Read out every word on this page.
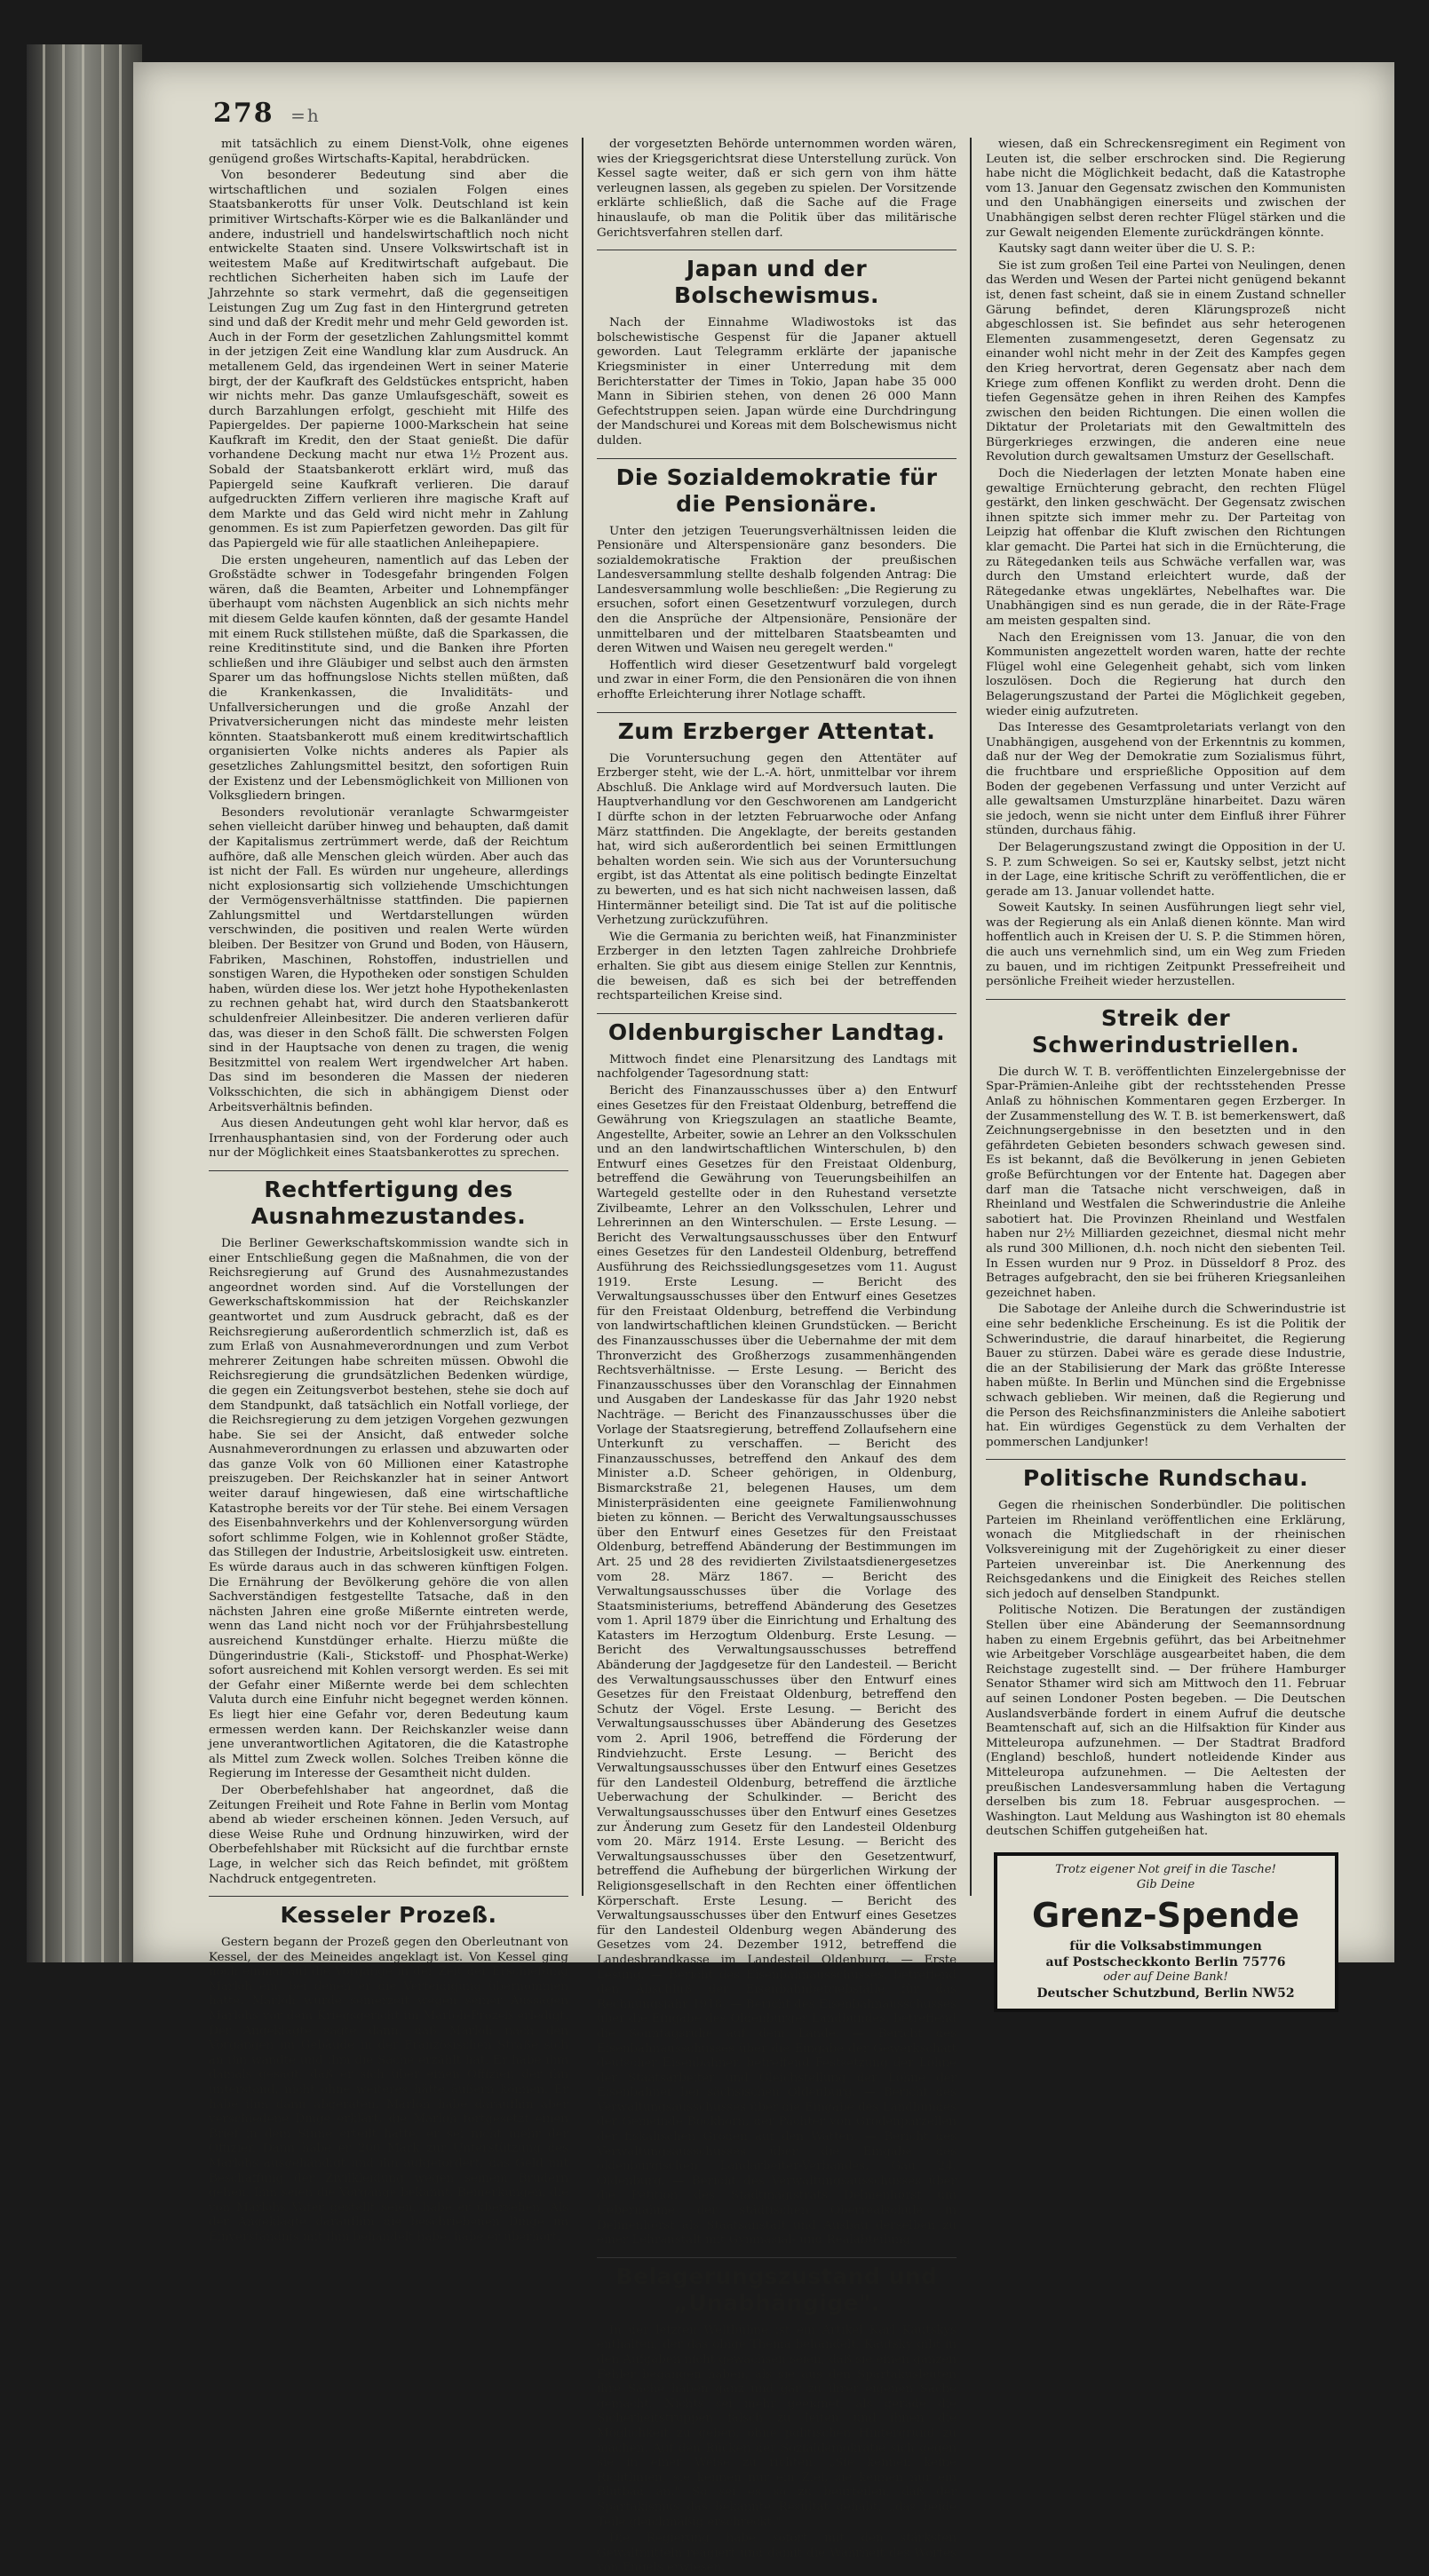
278 =h

mit tatsächlich zu einem Dienst-Volk, ohne eigenes genügend großes Wirtschafts-Kapital, herabdrücken.

Von besonderer Bedeutung sind aber die wirtschaftlichen und sozialen Folgen eines Staatsbankerotts für unser Volk. Deutschland ist kein primitiver Wirtschafts-Körper wie es die Balkanländer und andere, industriell und handelswirtschaftlich noch nicht entwickelte Staaten sind. Unsere Volkswirtschaft ist in weitestem Maße auf Kreditwirtschaft aufgebaut. Die rechtlichen Sicherheiten haben sich im Laufe der Jahrzehnte so stark vermehrt, daß die gegenseitigen Leistungen Zug um Zug fast in den Hintergrund getreten sind und daß der Kredit mehr und mehr Geld geworden ist. Auch in der Form der gesetzlichen Zahlungsmittel kommt in der jetzigen Zeit eine Wandlung klar zum Ausdruck. An metallenem Geld, das irgendeinen Wert in seiner Materie birgt, der der Kaufkraft des Geldstückes entspricht, haben wir nichts mehr. Das ganze Umlaufsgeschäft, soweit es durch Barzahlungen erfolgt, geschieht mit Hilfe des Papiergeldes. Der papierne 1000-Markschein hat seine Kaufkraft im Kredit, den der Staat genießt. Die dafür vorhandene Deckung macht nur etwa 1½ Prozent aus. Sobald der Staatsbankerott erklärt wird, muß das Papiergeld seine Kaufkraft verlieren. Die darauf aufgedruckten Ziffern verlieren ihre magische Kraft auf dem Markte und das Geld wird nicht mehr in Zahlung genommen. Es ist zum Papierfetzen geworden. Das gilt für das Papiergeld wie für alle staatlichen Anleihepapiere.

Die ersten ungeheuren, namentlich auf das Leben der Großstädte schwer in Todesgefahr bringenden Folgen wären, daß die Beamten, Arbeiter und Lohnempfänger überhaupt vom nächsten Augenblick an sich nichts mehr mit diesem Gelde kaufen könnten, daß der gesamte Handel mit einem Ruck stillstehen müßte, daß die Sparkassen, die reine Kreditinstitute sind, und die Banken ihre Pforten schließen und ihre Gläubiger und selbst auch den ärmsten Sparer um das hoffnungslose Nichts stellen müßten, daß die Krankenkassen, die Invaliditäts- und Unfallversicherungen und die große Anzahl der Privatversicherungen nicht das mindeste mehr leisten könnten. Staatsbankerott muß einem kreditwirtschaftlich organisierten Volke nichts anderes als Papier als gesetzliches Zahlungsmittel besitzt, den sofortigen Ruin der Existenz und der Lebensmöglichkeit von Millionen von Volksgliedern bringen.

Besonders revolutionär veranlagte Schwarmgeister sehen vielleicht darüber hinweg und behaupten, daß damit der Kapitalismus zertrümmert werde, daß der Reichtum aufhöre, daß alle Menschen gleich würden. Aber auch das ist nicht der Fall. Es würden nur ungeheure, allerdings nicht explosionsartig sich vollziehende Umschichtungen der Vermögensverhältnisse stattfinden. Die papiernen Zahlungsmittel und Wertdarstellungen würden verschwinden, die positiven und realen Werte würden bleiben. Der Besitzer von Grund und Boden, von Häusern, Fabriken, Maschinen, Rohstoffen, industriellen und sonstigen Waren, die Hypotheken oder sonstigen Schulden haben, würden diese los. Wer jetzt hohe Hypothekenlasten zu rechnen gehabt hat, wird durch den Staatsbankerott schuldenfreier Alleinbesitzer. Die anderen verlieren dafür das, was dieser in den Schoß fällt. Die schwersten Folgen sind in der Hauptsache von denen zu tragen, die wenig Besitzmittel von realem Wert irgendwelcher Art haben. Das sind im besonderen die Massen der niederen Volksschichten, die sich in abhängigem Dienst oder Arbeitsverhältnis befinden.

Aus diesen Andeutungen geht wohl klar hervor, daß es Irrenhausphantasien sind, von der Forderung oder auch nur der Möglichkeit eines Staatsbankerottes zu sprechen.

Rechtfertigung des Ausnahmezustandes.

Die Berliner Gewerkschaftskommission wandte sich in einer Entschließung gegen die Maßnahmen, die von der Reichsregierung auf Grund des Ausnahmezustandes angeordnet worden sind. Auf die Vorstellungen der Gewerkschaftskommission hat der Reichskanzler geantwortet und zum Ausdruck gebracht, daß es der Reichsregierung außerordentlich schmerzlich ist, daß es zum Erlaß von Ausnahmeverordnungen und zum Verbot mehrerer Zeitungen habe schreiten müssen. Obwohl die Reichsregierung die grundsätzlichen Bedenken würdige, die gegen ein Zeitungsverbot bestehen, stehe sie doch auf dem Standpunkt, daß tatsächlich ein Notfall vorliege, der die Reichsregierung zu dem jetzigen Vorgehen gezwungen habe. Sie sei der Ansicht, daß entweder solche Ausnahmeverordnungen zu erlassen und abzuwarten oder das ganze Volk von 60 Millionen einer Katastrophe preiszugeben. Der Reichskanzler hat in seiner Antwort weiter darauf hingewiesen, daß eine wirtschaftliche Katastrophe bereits vor der Tür stehe. Bei einem Versagen des Eisenbahnverkehrs und der Kohlenversorgung würden sofort schlimme Folgen, wie in Kohlennot großer Städte, das Stillegen der Industrie, Arbeitslosigkeit usw. eintreten. Es würde daraus auch in das schweren künftigen Folgen. Die Ernährung der Bevölkerung gehöre die von allen Sachverständigen festgestellte Tatsache, daß in den nächsten Jahren eine große Mißernte eintreten werde, wenn das Land nicht noch vor der Frühjahrsbestellung ausreichend Kunstdünger erhalte. Hierzu müßte die Düngerindustrie (Kali-, Stickstoff- und Phosphat-Werke) sofort ausreichend mit Kohlen versorgt werden. Es sei mit der Gefahr einer Mißernte werde bei dem schlechten Valuta durch eine Einfuhr nicht begegnet werden können. Es liegt hier eine Gefahr vor, deren Bedeutung kaum ermessen werden kann. Der Reichskanzler weise dann jene unverantwortlichen Agitatoren, die die Katastrophe als Mittel zum Zweck wollen. Solches Treiben könne die Regierung im Interesse der Gesamtheit nicht dulden.

Der Oberbefehlshaber hat angeordnet, daß die Zeitungen Freiheit und Rote Fahne in Berlin vom Montag abend ab wieder erscheinen können. Jeden Versuch, auf diese Weise Ruhe und Ordnung hinzuwirken, wird der Oberbefehlshaber mit Rücksicht auf die furchtbar ernste Lage, in welcher sich das Reich befindet, mit größtem Nachdruck entgegentreten.

Kesseler Prozeß.

Gestern begann der Prozeß gegen den Oberleutnant von Kessel, der des Meineides angeklagt ist. Von Kessel ging noch einmal auf die Vorgänge in der Zeit der Erschießung Marloh ein, bei denen er die Verteidigung übernommen hatte. Marloh wurde seinerzeit wegen seiner Aussagen Marlohs vor dem Kriegsgericht im Marloh-Prozeß erledigt. Der Angeklagte sagte dann, daß Marloh nach den Vorgängen im Gebäude in der Französischen Straße sich an ihn wandte und ihm die Sache erzählt hat. Er habe ihm damals gesagt, daß er sich über einen Offizier, der ihn unterstand, nicht ohne weiteres hätte äußern können. Er habe ihm dann abgeraten. Marloh habe daraufhin aber verschiedene Dinge erklärt, die Marloh fortgesetzt einen Brief in dem Sinne erteilt hatte, er sei nicht mehr der Offizier. Dann habe er 200 Mark zur Unterstützung des Marlohs ausgehändigt und ihn aufgefordert, das Geld mit Beschaffung der Zivilkleidung wegen seinem Brudern gehen. Ihm seien die Vorgänge bekannt. Bemerkungen, die von Marlohs Vater gestellt seien, habe er übersehen. Als der Angeklagte daraufhin die beschriebenen Dinge im Einverständnis mit ihm behandelt habe, habe er überhört.

der vorgesetzten Behörde unternommen worden wären, wies der Kriegsgerichtsrat diese Unterstellung zurück. Von Kessel sagte weiter, daß er sich gern von ihm hätte verleugnen lassen, als gegeben zu spielen. Der Vorsitzende erklärte schließlich, daß die Sache auf die Frage hinauslaufe, ob man die Politik über das militärische Gerichtsverfahren stellen darf.

Japan und der Bolschewismus.

Nach der Einnahme Wladiwostoks ist das bolschewistische Gespenst für die Japaner aktuell geworden. Laut Telegramm erklärte der japanische Kriegsminister in einer Unterredung mit dem Berichterstatter der Times in Tokio, Japan habe 35 000 Mann in Sibirien stehen, von denen 26 000 Mann Gefechtstruppen seien. Japan würde eine Durchdringung der Mandschurei und Koreas mit dem Bolschewismus nicht dulden.

Die Sozialdemokratie für die Pensionäre.

Unter den jetzigen Teuerungsverhältnissen leiden die Pensionäre und Alterspensionäre ganz besonders. Die sozialdemokratische Fraktion der preußischen Landesversammlung stellte deshalb folgenden Antrag: Die Landesversammlung wolle beschließen: „Die Regierung zu ersuchen, sofort einen Gesetzentwurf vorzulegen, durch den die Ansprüche der Altpensionäre, Pensionäre der unmittelbaren und der mittelbaren Staatsbeamten und deren Witwen und Waisen neu geregelt werden."

Hoffentlich wird dieser Gesetzentwurf bald vorgelegt und zwar in einer Form, die den Pensionären die von ihnen erhoffte Erleichterung ihrer Notlage schafft.

Zum Erzberger Attentat.

Die Voruntersuchung gegen den Attentäter auf Erzberger steht, wie der L.-A. hört, unmittelbar vor ihrem Abschluß. Die Anklage wird auf Mordversuch lauten. Die Hauptverhandlung vor den Geschworenen am Landgericht I dürfte schon in der letzten Februarwoche oder Anfang März stattfinden. Die Angeklagte, der bereits gestanden hat, wird sich außerordentlich bei seinen Ermittlungen behalten worden sein. Wie sich aus der Voruntersuchung ergibt, ist das Attentat als eine politisch bedingte Einzeltat zu bewerten, und es hat sich nicht nachweisen lassen, daß Hintermänner beteiligt sind. Die Tat ist auf die politische Verhetzung zurückzuführen.

Wie die Germania zu berichten weiß, hat Finanzminister Erzberger in den letzten Tagen zahlreiche Drohbriefe erhalten. Sie gibt aus diesem einige Stellen zur Kenntnis, die beweisen, daß es sich bei der betreffenden rechtsparteilichen Kreise sind.

Oldenburgischer Landtag.

Mittwoch findet eine Plenarsitzung des Landtags mit nachfolgender Tagesordnung statt:

Bericht des Finanzausschusses über a) den Entwurf eines Gesetzes für den Freistaat Oldenburg, betreffend die Gewährung von Kriegszulagen an staatliche Beamte, Angestellte, Arbeiter, sowie an Lehrer an den Volksschulen und an den landwirtschaftlichen Winterschulen, b) den Entwurf eines Gesetzes für den Freistaat Oldenburg, betreffend die Gewährung von Teuerungsbeihilfen an Wartegeld gestellte oder in den Ruhestand versetzte Zivilbeamte, Lehrer an den Volksschulen, Lehrer und Lehrerinnen an den Winterschulen. — Erste Lesung. — Bericht des Verwaltungsausschusses über den Entwurf eines Gesetzes für den Landesteil Oldenburg, betreffend Ausführung des Reichssiedlungsgesetzes vom 11. August 1919. Erste Lesung. — Bericht des Verwaltungsausschusses über den Entwurf eines Gesetzes für den Freistaat Oldenburg, betreffend die Verbindung von landwirtschaftlichen kleinen Grundstücken. — Bericht des Finanzausschusses über die Uebernahme der mit dem Thronverzicht des Großherzogs zusammenhängenden Rechtsverhältnisse. — Erste Lesung. — Bericht des Finanzausschusses über den Voranschlag der Einnahmen und Ausgaben der Landeskasse für das Jahr 1920 nebst Nachträge. — Bericht des Finanzausschusses über die Vorlage der Staatsregierung, betreffend Zollaufsehern eine Unterkunft zu verschaffen. — Bericht des Finanzausschusses, betreffend den Ankauf des dem Minister a.D. Scheer gehörigen, in Oldenburg, Bismarckstraße 21, belegenen Hauses, um dem Ministerpräsidenten eine geeignete Familienwohnung bieten zu können. — Bericht des Verwaltungsausschusses über den Entwurf eines Gesetzes für den Freistaat Oldenburg, betreffend Abänderung der Bestimmungen im Art. 25 und 28 des revidierten Zivilstaatsdienergesetzes vom 28. März 1867. — Bericht des Verwaltungsausschusses über die Vorlage des Staatsministeriums, betreffend Abänderung des Gesetzes vom 1. April 1879 über die Einrichtung und Erhaltung des Katasters im Herzogtum Oldenburg. Erste Lesung. — Bericht des Verwaltungsausschusses betreffend Abänderung der Jagdgesetze für den Landesteil. — Bericht des Verwaltungsausschusses über den Entwurf eines Gesetzes für den Freistaat Oldenburg, betreffend den Schutz der Vögel. Erste Lesung. — Bericht des Verwaltungsausschusses über Abänderung des Gesetzes vom 2. April 1906, betreffend die Förderung der Rindviehzucht. Erste Lesung. — Bericht des Verwaltungsausschusses über den Entwurf eines Gesetzes für den Landesteil Oldenburg, betreffend die ärztliche Ueberwachung der Schulkinder. — Bericht des Verwaltungsausschusses über den Entwurf eines Gesetzes zur Änderung zum Gesetz für den Landesteil Oldenburg vom 20. März 1914. Erste Lesung. — Bericht des Verwaltungsausschusses über den Gesetzentwurf, betreffend die Aufhebung der bürgerlichen Wirkung der Religionsgesellschaft in den Rechten einer öffentlichen Körperschaft. Erste Lesung. — Bericht des Verwaltungsausschusses über den Entwurf eines Gesetzes für den Landesteil Oldenburg wegen Abänderung des Gesetzes vom 24. Dezember 1912, betreffend die Landesbrandkasse im Landesteil Oldenburg. — Erste Lesung. — Bericht des Eisenbahnausschusses, betreffend den Abschluß der Eisenbahnbetriebsfälle für das Rechnungsjahr 1918. — Bericht des Eisenbahnausschusses über die Eingabe des Oldenburger Landbundes, betreffend die Sonntagsruhe auf dem Lande. — Bericht des Eisenbahnausschusses über die Eingabe der Gewerkschaft deutscher Eisenbahner, betreffend Festsetzung der Löhne der Staatsarbeiter und Gleichstellung der Löhne der Eisenbahner bei sächsischen Oldenburg. — Bericht des Verwaltungsausschusses über die Eingabe des Landbundes der Gemeinde Bockhorn, der Pächter von Grodenparzellen der fiskalischen Groden auf den Watten. — Bericht des Verwaltungsausschusses über die Eingabe des oldenburgischen Landarbeiter-Verbandes, Gau 24, Oldenburg. — Bericht des Verwaltungsausschusses über die Petition des Stadtmagistrats Delmenhorst um Uebernahme der städtischen Oberrealschule in Delmenhorst als Staatsanstalt und Ausbau derselben zu einer Lehranstalt mit Gymnasial- und Realabteilung.

Belagerungszustand und „Unabhängige".

In der letzten Weltbühne ist ein Artikel Karl Kautskys enthalten, der das obige Thema behandelt. Kautsky gibt in den Aufgaben nicht gewachsen seien, daß sie einen ganzen Fehler begangen haben, als sie aus den Spartakusleuten ihre Sache haben ganz und gar zu ihrer eigenen Sache gemacht. Nichts sei mehr geeignet, als gerade die Sicherheitstruppen falsch zu leiten und ihnen die Möglichkeit zu geben, ohne politischen Hintergrund zu machen. Auf den Rücken der Sozialdemokratie sich gegen sie in einer Weise zu richten. „Sie kennen keine Richtlinien, sie kennen nur ein Ziel, sie kennen nur ein Blutbad an." So sei es so zu beurteilen, daß der Spartakismus das bekannte Resultat gehabt, „das beide Teile gleichmäßig erschreckt."

Die Regierung habe sofort mit den stärksten Gewaltmitteln reagiert und damit die Wahrheit des Wortes von Engels erwiesen,

wiesen, daß ein Schreckensregiment ein Regiment von Leuten ist, die selber erschrocken sind. Die Regierung habe nicht die Möglichkeit bedacht, daß die Katastrophe vom 13. Januar den Gegensatz zwischen den Kommunisten und den Unabhängigen einerseits und zwischen der Unabhängigen selbst deren rechter Flügel stärken und die zur Gewalt neigenden Elemente zurückdrängen könnte.

Kautsky sagt dann weiter über die U. S. P.:

Sie ist zum großen Teil eine Partei von Neulingen, denen das Werden und Wesen der Partei nicht genügend bekannt ist, denen fast scheint, daß sie in einem Zustand schneller Gärung befindet, deren Klärungsprozeß nicht abgeschlossen ist. Sie befindet aus sehr heterogenen Elementen zusammengesetzt, deren Gegensatz zu einander wohl nicht mehr in der Zeit des Kampfes gegen den Krieg hervortrat, deren Gegensatz aber nach dem Kriege zum offenen Konflikt zu werden droht. Denn die tiefen Gegensätze gehen in ihren Reihen des Kampfes zwischen den beiden Richtungen. Die einen wollen die Diktatur der Proletariats mit den Gewaltmitteln des Bürgerkrieges erzwingen, die anderen eine neue Revolution durch gewaltsamen Umsturz der Gesellschaft.

Doch die Niederlagen der letzten Monate haben eine gewaltige Ernüchterung gebracht, den rechten Flügel gestärkt, den linken geschwächt. Der Gegensatz zwischen ihnen spitzte sich immer mehr zu. Der Parteitag von Leipzig hat offenbar die Kluft zwischen den Richtungen klar gemacht. Die Partei hat sich in die Ernüchterung, die zu Rätegedanken teils aus Schwäche verfallen war, was durch den Umstand erleichtert wurde, daß der Rätegedanke etwas ungeklärtes, Nebelhaftes war. Die Unabhängigen sind es nun gerade, die in der Räte-Frage am meisten gespalten sind.

Nach den Ereignissen vom 13. Januar, die von den Kommunisten angezettelt worden waren, hatte der rechte Flügel wohl eine Gelegenheit gehabt, sich vom linken loszulösen. Doch die Regierung hat durch den Belagerungszustand der Partei die Möglichkeit gegeben, wieder einig aufzutreten.

Das Interesse des Gesamtproletariats verlangt von den Unabhängigen, ausgehend von der Erkenntnis zu kommen, daß nur der Weg der Demokratie zum Sozialismus führt, die fruchtbare und ersprießliche Opposition auf dem Boden der gegebenen Verfassung und unter Verzicht auf alle gewaltsamen Umsturzpläne hinarbeitet. Dazu wären sie jedoch, wenn sie nicht unter dem Einfluß ihrer Führer stünden, durchaus fähig.

Der Belagerungszustand zwingt die Opposition in der U. S. P. zum Schweigen. So sei er, Kautsky selbst, jetzt nicht in der Lage, eine kritische Schrift zu veröffentlichen, die er gerade am 13. Januar vollendet hatte.

Soweit Kautsky. In seinen Ausführungen liegt sehr viel, was der Regierung als ein Anlaß dienen könnte. Man wird hoffentlich auch in Kreisen der U. S. P. die Stimmen hören, die auch uns vernehmlich sind, um ein Weg zum Frieden zu bauen, und im richtigen Zeitpunkt Pressefreiheit und persönliche Freiheit wieder herzustellen.

Streik der Schwerindustriellen.

Die durch W. T. B. veröffentlichten Einzelergebnisse der Spar-Prämien-Anleihe gibt der rechtsstehenden Presse Anlaß zu höhnischen Kommentaren gegen Erzberger. In der Zusammenstellung des W. T. B. ist bemerkenswert, daß Zeichnungsergebnisse in den besetzten und in den gefährdeten Gebieten besonders schwach gewesen sind. Es ist bekannt, daß die Bevölkerung in jenen Gebieten große Befürchtungen vor der Entente hat. Dagegen aber darf man die Tatsache nicht verschweigen, daß in Rheinland und Westfalen die Schwerindustrie die Anleihe sabotiert hat. Die Provinzen Rheinland und Westfalen haben nur 2½ Milliarden gezeichnet, diesmal nicht mehr als rund 300 Millionen, d.h. noch nicht den siebenten Teil. In Essen wurden nur 9 Proz. in Düsseldorf 8 Proz. des Betrages aufgebracht, den sie bei früheren Kriegsanleihen gezeichnet haben.

Die Sabotage der Anleihe durch die Schwerindustrie ist eine sehr bedenkliche Erscheinung. Es ist die Politik der Schwerindustrie, die darauf hinarbeitet, die Regierung Bauer zu stürzen. Dabei wäre es gerade diese Industrie, die an der Stabilisierung der Mark das größte Interesse haben müßte. In Berlin und München sind die Ergebnisse schwach geblieben. Wir meinen, daß die Regierung und die Person des Reichsfinanzministers die Anleihe sabotiert hat. Ein würdiges Gegenstück zu dem Verhalten der pommerschen Landjunker!

Politische Rundschau.

Gegen die rheinischen Sonderbündler. Die politischen Parteien im Rheinland veröffentlichen eine Erklärung, wonach die Mitgliedschaft in der rheinischen Volksvereinigung mit der Zugehörigkeit zu einer dieser Parteien unvereinbar ist. Die Anerkennung des Reichsgedankens und die Einigkeit des Reiches stellen sich jedoch auf denselben Standpunkt.

Politische Notizen. Die Beratungen der zuständigen Stellen über eine Abänderung der Seemannsordnung haben zu einem Ergebnis geführt, das bei Arbeitnehmer wie Arbeitgeber Vorschläge ausgearbeitet haben, die dem Reichstage zugestellt sind. — Der frühere Hamburger Senator Sthamer wird sich am Mittwoch den 11. Februar auf seinen Londoner Posten begeben. — Die Deutschen Auslandsverbände fordert in einem Aufruf die deutsche Beamtenschaft auf, sich an die Hilfsaktion für Kinder aus Mitteleuropa aufzunehmen. — Der Stadtrat Bradford (England) beschloß, hundert notleidende Kinder aus Mitteleuropa aufzunehmen. — Die Aeltesten der preußischen Landesversammlung haben die Vertagung derselben bis zum 18. Februar ausgesprochen. — Washington. Laut Meldung aus Washington ist 80 ehemals deutschen Schiffen gutgeheißen hat.

Trotz eigener Not greif in die Tasche!
Gib Deine
Grenz-Spende
für die Volksabstimmungen
auf Postscheckkonto Berlin 75776
oder auf Deine Bank!
Deutscher Schutzbund, Berlin NW52
